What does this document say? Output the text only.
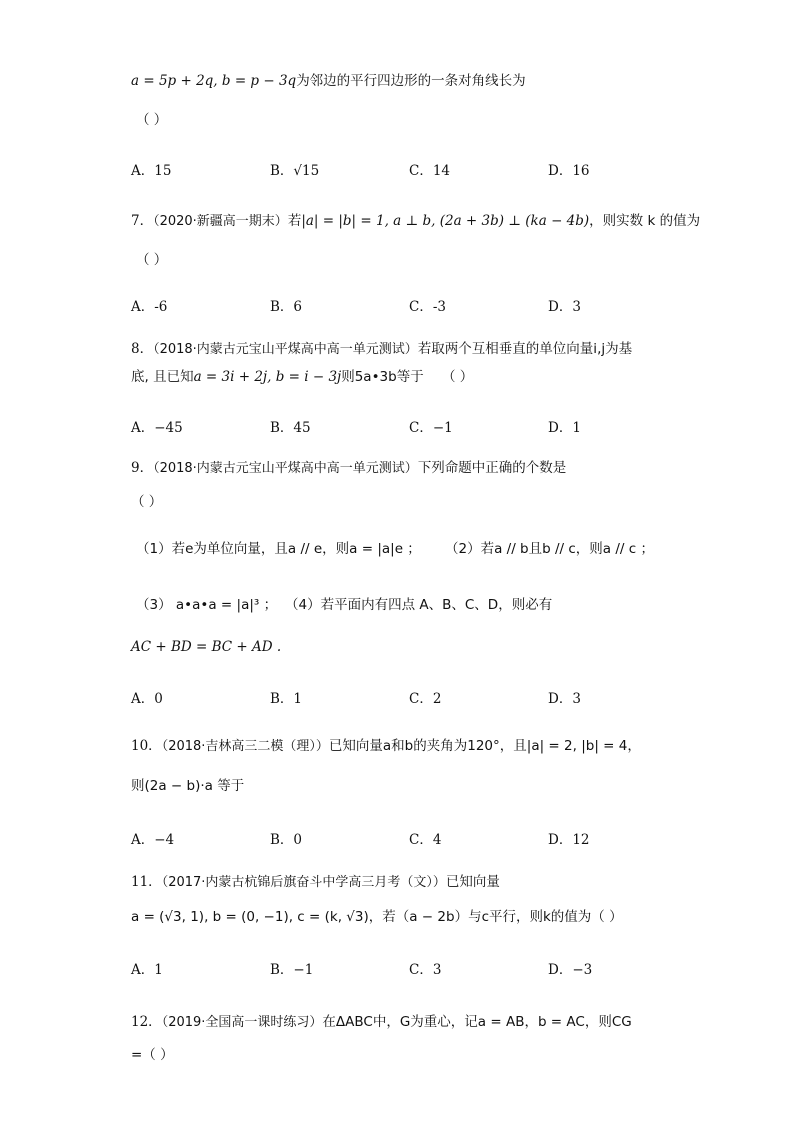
a = 5p + 2q, b = p − 3q为邻边的平行四边形的一条对角线长为
（ ）
A．15	B．√15	C．14	D．16
7．（2020·新疆高一期末）若|a| = |b| = 1, a ⊥ b, (2a + 3b) ⊥ (ka − 4b)，则实数 k 的值为
（ ）
A．-6	B．6	C．-3	D．3
8．（2018·内蒙古元宝山平煤高中高一单元测试）若取两个互相垂直的单位向量i,j为基
底, 且已知a = 3i + 2j, b = i − 3j则5a•3b等于 （ ）
A．−45	B．45	C．−1	D．1
9．（2018·内蒙古元宝山平煤高中高一单元测试）下列命题中正确的个数是
（ ）
（1）若e为单位向量，且a // e，则a = |a|e ； （2）若a // b且b // c，则a // c ；
（3） a•a•a = |a|³ ； （4）若平面内有四点 A、B、C、D，则必有
AC + BD = BC + AD .
A．0	B．1	C．2	D．3
10．（2018·吉林高三二模（理））已知向量a和b的夹角为120°，且|a| = 2, |b| = 4，
则(2a − b)·a 等于
A．−4	B．0	C．4	D．12
11．（2017·内蒙古杭锦后旗奋斗中学高三月考（文））已知向量
a = (√3, 1), b = (0, −1), c = (k, √3)，若（a − 2b）与c平行，则k的值为（ ）
A．1	B．−1	C．3	D．−3
12．（2019·全国高一课时练习）在ΔABC中，G为重心，记a = AB，b = AC，则CG
=（ ）
